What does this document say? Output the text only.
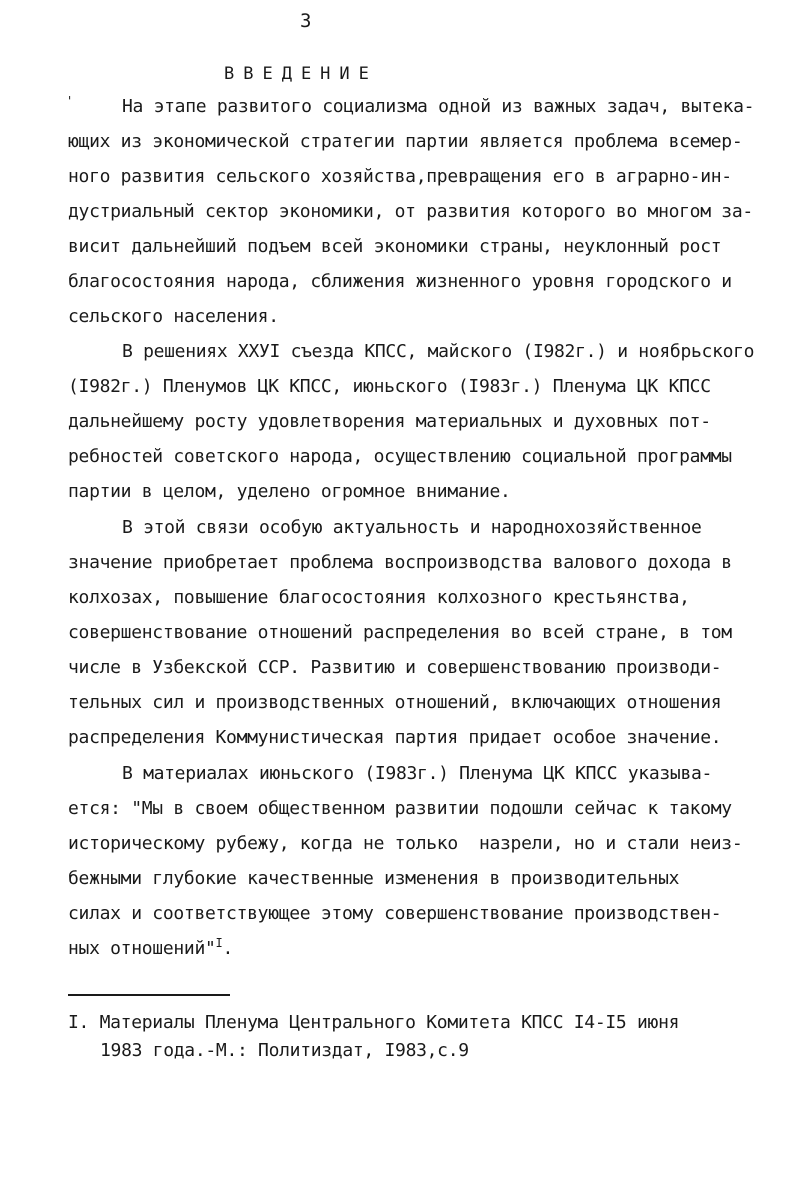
3
ВВЕДЕНИЕ
'	На этапе развитого социализма одной из важных задач, вытека-
ющих из экономической стратегии партии является проблема всемер-
ного развития сельского хозяйства,превращения его в аграрно-ин-
дустриальный сектор экономики, от развития которого во многом за-
висит дальнейший подъем всей экономики страны, неуклонный рост
благосостояния народа, сближения жизненного уровня городского и
сельского населения.
В решениях ХХУI съезда КПСС, майского (I982г.) и ноябрьского
(I982г.) Пленумов ЦК КПСС, июньского (I983г.) Пленума ЦК КПСС
дальнейшему росту удовлетворения материальных и духовных пот-
ребностей советского народа, осуществлению социальной программы
партии в целом, уделено огромное внимание.
В этой связи особую актуальность и народнохозяйственное
значение приобретает проблема воспроизводства валового дохода в
колхозах, повышение благосостояния колхозного крестьянства,
совершенствование отношений распределения во всей стране, в том
числе в Узбекской ССР. Развитию и совершенствованию производи-
тельных сил и производственных отношений, включающих отношения
распределения Коммунистическая партия придает особое значение.
В материалах июньского (I983г.) Пленума ЦК КПСС указыва-
ется: "Мы в своем общественном развитии подошли сейчас к такому
историческому рубежу, когда не только  назрели, но и стали неиз-
бежными глубокие качественные изменения в производительных
силах и соответствующее этому совершенствование производствен-
ных отношений"$^I$.
I. Материалы Пленума Центрального Комитета КПСС I4-I5 июня
1983 года.-М.: Политиздат, I983,с.9
